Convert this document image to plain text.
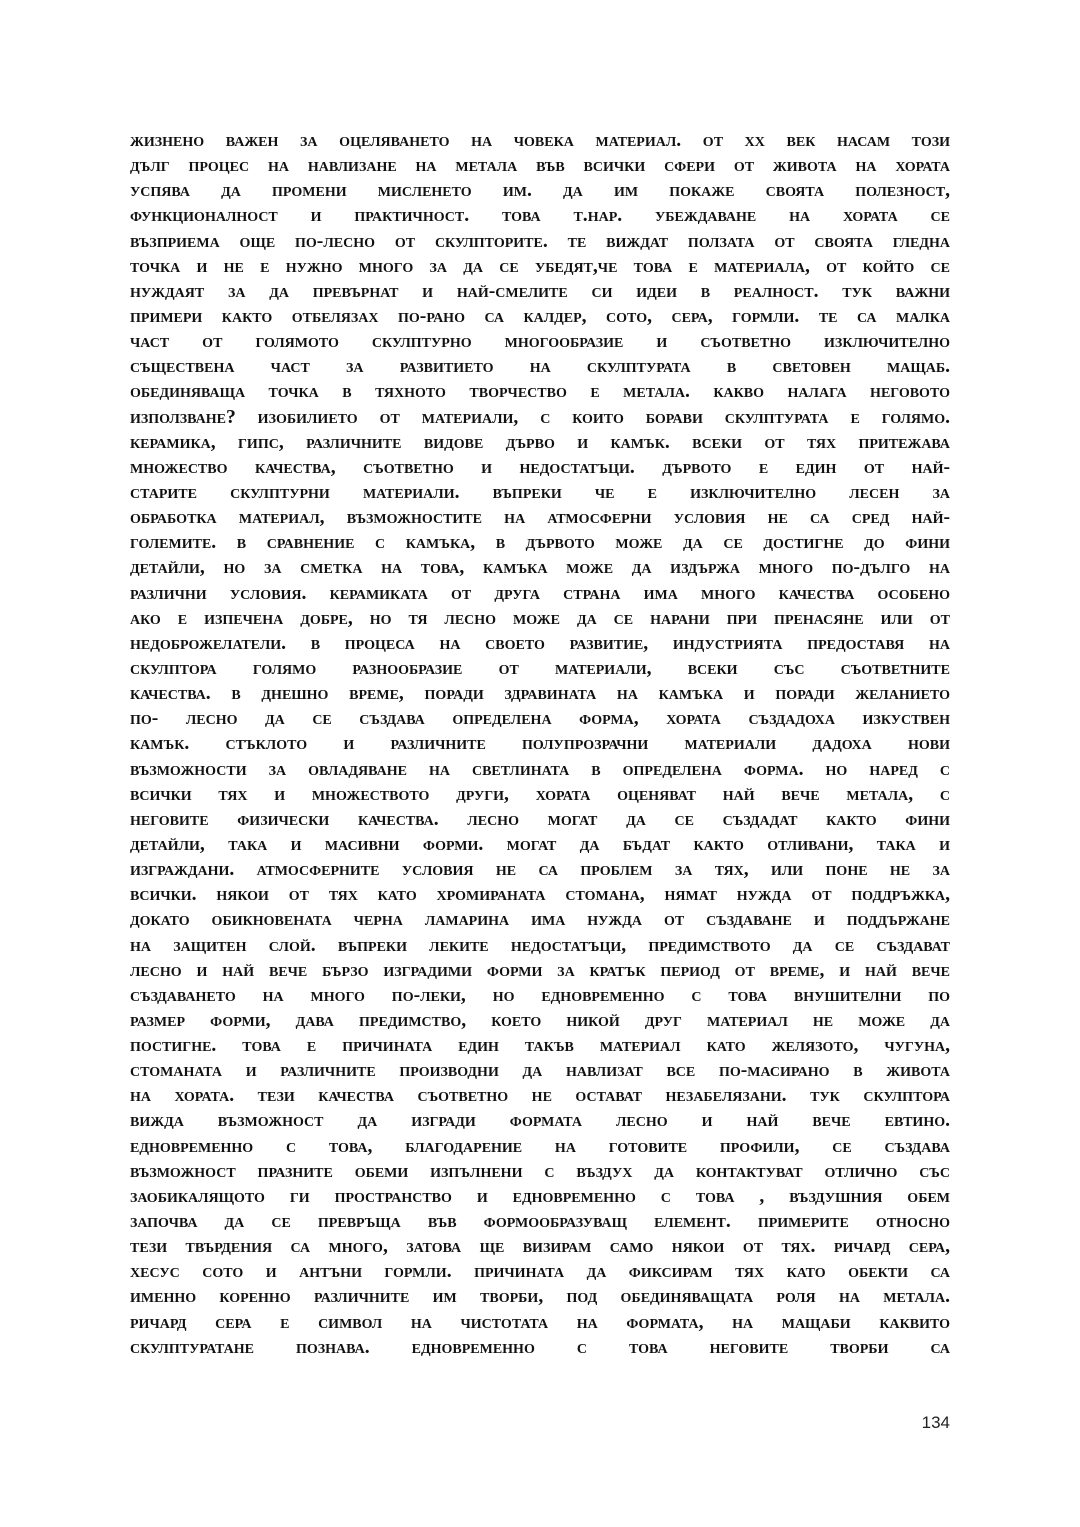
жизнено важен за оцеляването на човека материал. от xx век насам този
дълг процес на навлизане на метала във всички сфери от живота на хората
успява да промени мисленето им. да им покаже своята полезност,
функционалност и практичност. това т.нар. убеждаване на хората се
възприема още по-лесно от скулпторите. те виждат ползата от своята гледна
точка и не е нужно много за да се убедят,че това е материала, от който се
нуждаят за да превърнат и най-смелите си идеи в реалност. тук важни
примери както отбелязах по-рано са калдер, сото, сера, гормли. те са малка
част от голямото скулптурно многообразие и съответно изключително
съществена част за развитието на скулптурата в световен мащаб.
обединяваща точка в тяхното творчество е метала. какво налага неговото
използване? изобилието от материали, с които борави скулптурата е голямо.
керамика, гипс, различните видове дърво и камък. всеки от тях притежава
множество качества, съответно и недостатъци. дървото е един от най-
старите скулптурни материали. въпреки че е изключително лесен за
обработка материал, възможностите на атмосферни условия не са сред най-
големите. в сравнение с камъка, в дървото може да се достигне до фини
детайли, но за сметка на това, камъка може да издържа много по-дълго на
различни условия. керамиката от друга страна има много качества особено
ако е изпечена добре, но тя лесно може да се нарани при пренасяне или от
недоброжелатели. в процеса на своето развитие, индустрията предоставя на
скулптора голямо разнообразие от материали, всеки със съответните
качества. в днешно време, поради здравината на камъка и поради желанието
по- лесно да се създава определена форма, хората създадоха изкуствен
камък. стъклото и различните полупрозрачни материали дадоха нови
възможности за овладяване на светлината в определена форма. но наред с
всички тях и множеството други, хората оценяват най вече метала, с
неговите физически качества. лесно могат да се създадат както фини
детайли, така и масивни форми. могат да бъдат както отливани, така и
изграждани. атмосферните условия не са проблем за тях, или поне не за
всички. някои от тях като хромираната стомана, нямат нужда от поддръжка,
докато обикновената черна ламарина има нужда от създаване и поддържане
на защитен слой. въпреки леките недостатъци, предимството да се създават
лесно и най вече бързо изградими форми за кратък период от време, и най вече
създаването на много по-леки, но едновременно с това внушителни по
размер форми, дава предимство, което никой друг материал не може да
постигне. това е причината един такъв материал като желязото, чугуна,
стоманата и различните производни да навлизат все по-масирано в живота
на хората. тези качества съответно не остават незабелязани. тук скулптора
вижда възможност да изгради формата лесно и най вече евтино.
едновременно с това, благодарение на готовите профили, се създава
възможност празните обеми изпълнени с въздух да контактуват отлично със
заобикалящото ги пространство и едновременно с това , въздушния обем
започва да се превръща във формообразуващ елемент. примерите относно
тези твърдения са много, затова ще визирам само някои от тях. ричард сера,
хесус сото и антъни гормли. причината да фиксирам тях като обекти са
именно коренно различните им творби, под обединяващата роля на метала.
ричард сера е символ на чистотата на формата, на мащаби каквито
скулптуратане познава. едновременно с това неговите творби са
134
